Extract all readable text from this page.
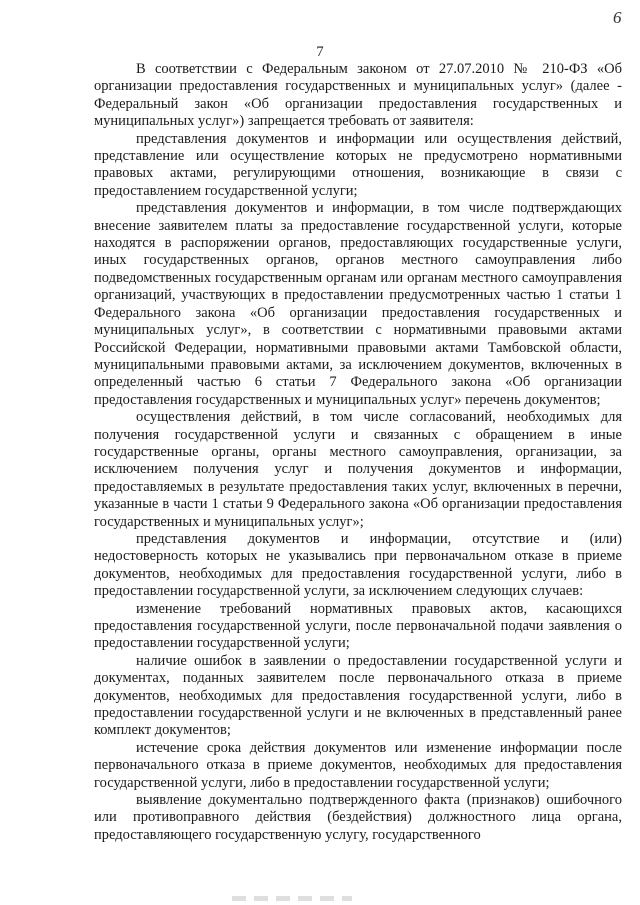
6
7

В соответствии с Федеральным законом от 27.07.2010 № 210-ФЗ «Об организации предоставления государственных и муниципальных услуг» (далее - Федеральный закон «Об организации предоставления государственных и муниципальных услуг») запрещается требовать от заявителя:

представления документов и информации или осуществления действий, представление или осуществление которых не предусмотрено нормативными правовых актами, регулирующими отношения, возникающие в связи с предоставлением государственной услуги;

представления документов и информации, в том числе подтверждающих внесение заявителем платы за предоставление государственной услуги, которые находятся в распоряжении органов, предоставляющих государственные услуги, иных государственных органов, органов местного самоуправления либо подведомственных государственным органам или органам местного самоуправления организаций, участвующих в предоставлении предусмотренных частью 1 статьи 1 Федерального закона «Об организации предоставления государственных и муниципальных услуг», в соответствии с нормативными правовыми актами Российской Федерации, нормативными правовыми актами Тамбовской области, муниципальными правовыми актами, за исключением документов, включенных в определенный частью 6 статьи 7 Федерального закона «Об организации предоставления государственных и муниципальных услуг» перечень документов;

осуществления действий, в том числе согласований, необходимых для получения государственной услуги и связанных с обращением в иные государственные органы, органы местного самоуправления, организации, за исключением получения услуг и получения документов и информации, предоставляемых в результате предоставления таких услуг, включенных в перечни, указанные в части 1 статьи 9 Федерального закона «Об организации предоставления государственных и муниципальных услуг»;

представления документов и информации, отсутствие и (или) недостоверность которых не указывались при первоначальном отказе в приеме документов, необходимых для предоставления государственной услуги, либо в предоставлении государственной услуги, за исключением следующих случаев:

изменение требований нормативных правовых актов, касающихся предоставления государственной услуги, после первоначальной подачи заявления о предоставлении государственной услуги;

наличие ошибок в заявлении о предоставлении государственной услуги и документах, поданных заявителем после первоначального отказа в приеме документов, необходимых для предоставления государственной услуги, либо в предоставлении государственной услуги и не включенных в представленный ранее комплект документов;

истечение срока действия документов или изменение информации после первоначального отказа в приеме документов, необходимых для предоставления государственной услуги, либо в предоставлении государственной услуги;

выявление документально подтвержденного факта (признаков) ошибочного или противоправного действия (бездействия) должностного лица органа, предоставляющего государственную услугу, государственного
